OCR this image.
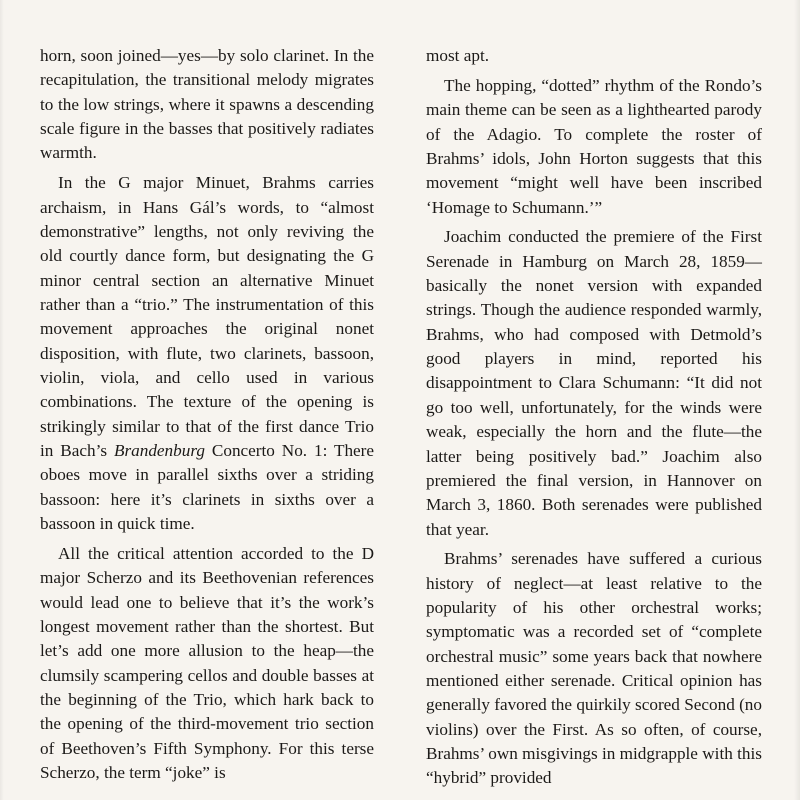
horn, soon joined—yes—by solo clarinet. In the recapitulation, the transitional melody migrates to the low strings, where it spawns a descending scale figure in the basses that positively radiates warmth.

In the G major Minuet, Brahms carries archaism, in Hans Gál’s words, to “almost demonstrative” lengths, not only reviving the old courtly dance form, but designating the G minor central section an alternative Minuet rather than a “trio.” The instrumentation of this movement approaches the original nonet disposition, with flute, two clarinets, bassoon, violin, viola, and cello used in various combinations. The texture of the opening is strikingly similar to that of the first dance Trio in Bach’s Brandenburg Concerto No. 1: There oboes move in parallel sixths over a striding bassoon: here it’s clarinets in sixths over a bassoon in quick time.

All the critical attention accorded to the D major Scherzo and its Beethovenian references would lead one to believe that it’s the work’s longest movement rather than the shortest. But let’s add one more allusion to the heap—the clumsily scampering cellos and double basses at the beginning of the Trio, which hark back to the opening of the third-movement trio section of Beethoven’s Fifth Symphony. For this terse Scherzo, the term “joke” is

most apt.

The hopping, “dotted” rhythm of the Rondo’s main theme can be seen as a lighthearted parody of the Adagio. To complete the roster of Brahms’ idols, John Horton suggests that this movement “might well have been inscribed ‘Homage to Schumann.’”

Joachim conducted the premiere of the First Serenade in Hamburg on March 28, 1859—basically the nonet version with expanded strings. Though the audience responded warmly, Brahms, who had composed with Detmold’s good players in mind, reported his disappointment to Clara Schumann: “It did not go too well, unfortunately, for the winds were weak, especially the horn and the flute—the latter being positively bad.” Joachim also premiered the final version, in Hannover on March 3, 1860. Both serenades were published that year.

Brahms’ serenades have suffered a curious history of neglect—at least relative to the popularity of his other orchestral works; symptomatic was a recorded set of “complete orchestral music” some years back that nowhere mentioned either serenade. Critical opinion has generally favored the quirkily scored Second (no violins) over the First. As so often, of course, Brahms’ own misgivings in midgrapple with this “hybrid” provided
